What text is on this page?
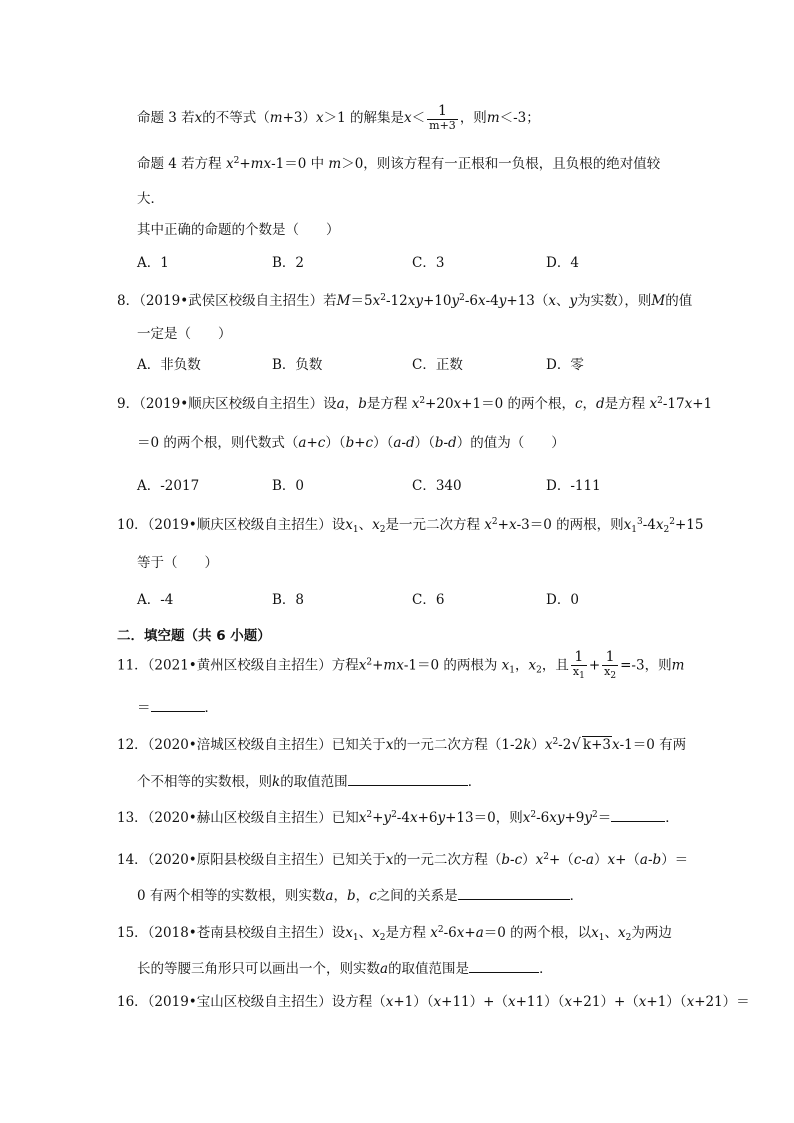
命题 3 若x的不等式（m+3）x＞1 的解集是$x< \frac{1}{m+3}$ ，则m＜-3；
命题 4 若方程 $x^2+mx-1=0$ 中 m＞0，则该方程有一正根和一负根，且负根的绝对值较
大．
其中正确的命题的个数是（　　）
A．1	B．2	C．3	D．4
8．（2019•武侯区校级自主招生）若$M=5x^2-12xy+10y^2-6x-4y+13(x$、y为实数），则M的值
一定是（　　）
A．非负数	B．负数	C．正数	D．零
9．（2019•顺庆区校级自主招生）设a，b是方程 $x^2+20x+1=0$ 的两个根，c，d是方程 $x^2-17x+1$
＝0 的两个根，则代数式（a+c）（b+c）（a-d）（b-d）的值为（　　）
A．-2017	B．0	C．340	D．-111
10．（2019•顺庆区校级自主招生）设$x_1$、$x_2$是一元二次方程 $x^2+x-3=0$ 的两根，则$x_1^3-4x_2^2+15$
等于（　　）
A．-4	B．8	C．6	D．0
二．填空题（共 6 小题）
11．（2021•黄州区校级自主招生）方程$x^2+mx-1=0$ 的两根为 $x_1$，$x_2$，且 $\frac{1}{x_1} + \frac{1}{x_2} =-3$，则m
＝	．
12．（2020•涪城区校级自主招生）已知关于x的一元二次方程$(1-2k)x^2-2√$ k+3x-1＝0 有两
个不相等的实数根，则k的取值范围	．
13．（2020•赫山区校级自主招生）已知$x^2+y^2-4x+6y+13=0$，则$x^2-6xy+9y^2=$	．
14．（2020•原阳县校级自主招生）已知关于x的一元二次方程$(b-c)x^2+(c-a)x+(a-b)=$
0 有两个相等的实数根，则实数a，b，c之间的关系是	．
15．（2018•苍南县校级自主招生）设$x_1$、$x_2$是方程 $x^2-6x+a=0$ 的两个根，以$x_1$、$x_2$为两边
长的等腰三角形只可以画出一个，则实数a的取值范围是	．
16．（2019•宝山区校级自主招生）设方程（x+1）（x+11）+（x+11）（x+21）+（x+1）（x+21）＝
